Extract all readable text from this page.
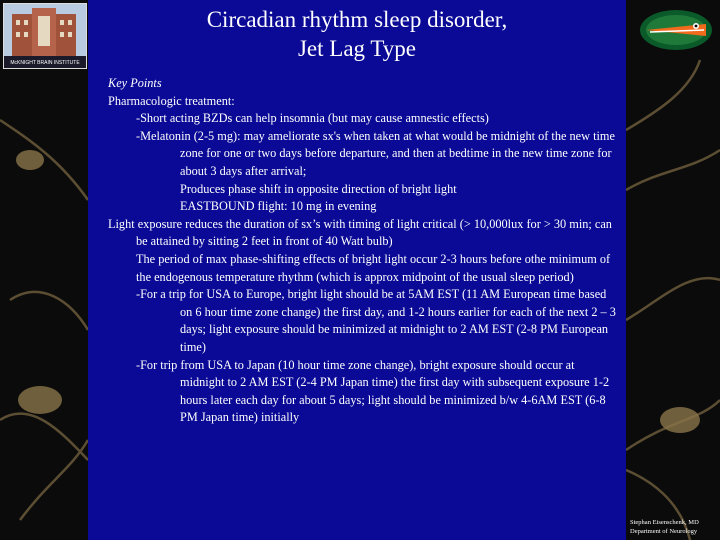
Circadian rhythm sleep disorder,
Jet Lag Type
McKNIGHT BRAIN INSTITUTE

Key Points

Pharmacologic treatment:

-Short acting BZDs can help insomnia (but may cause amnestic effects)

-Melatonin (2-5 mg): may ameliorate sx's when taken at what would be midnight of the new time zone for one or two days before departure, and then at bedtime in the new time zone for about 3 days after arrival;

Produces phase shift in opposite direction of bright light

EASTBOUND flight: 10 mg in evening

Light exposure reduces the duration of sx’s with timing of light critical (> 10,000lux for > 30 min; can be attained by sitting 2 feet in front of 40 Watt bulb)

The period of max phase-shifting effects of bright light occur 2-3 hours before othe minimum of the endogenous temperature rhythm (which is approx midpoint of the usual sleep period)

-For a trip for USA to Europe, bright light should be at 5AM EST (11 AM European time based on 6 hour time zone change) the first day, and 1-2 hours earlier for each of the next 2 – 3 days; light exposure should be minimized at midnight to 2 AM EST (2-8 PM European time)

-For trip from USA to Japan (10 hour time zone change), bright exposure should occur at midnight to 2 AM EST (2-4 PM Japan time) the first day with subsequent exposure 1-2 hours later each day for about 5 days; light should be minimized b/w 4-6AM EST (6-8 PM Japan time) initially

Stephan Eisenschenk, MD
Department of Neurology
